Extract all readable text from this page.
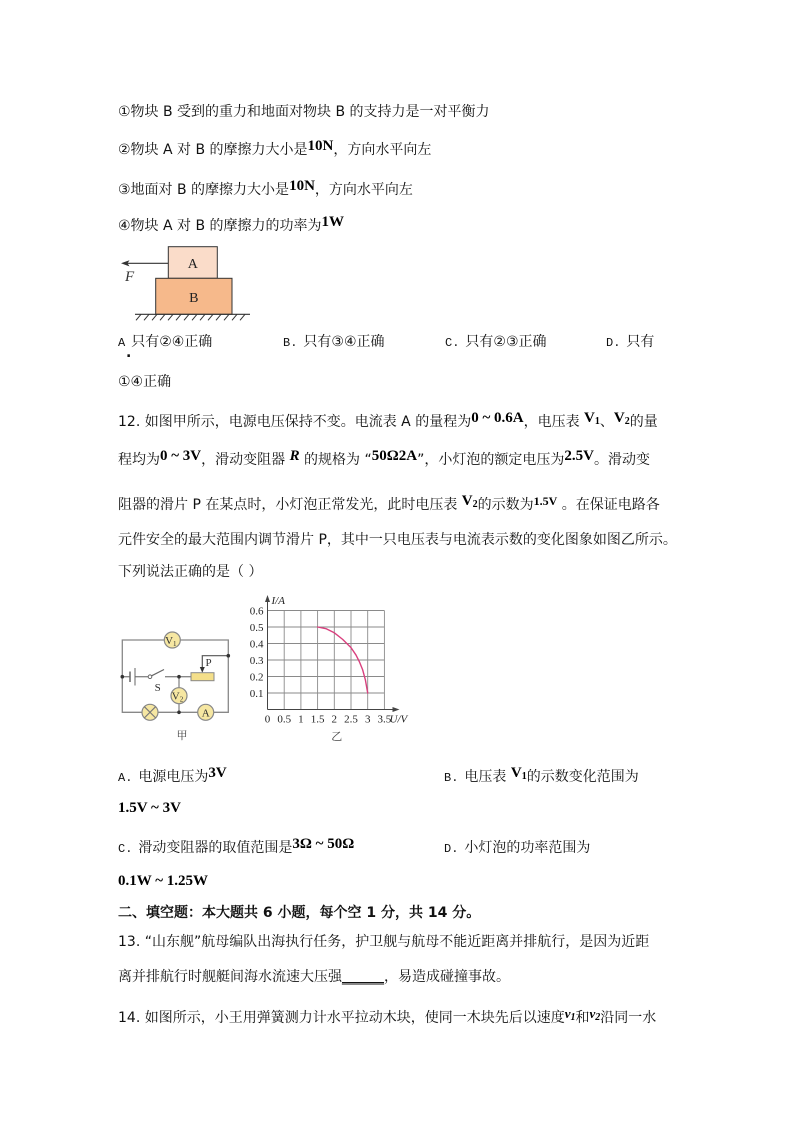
①物块 B 受到的重力和地面对物块 B 的支持力是一对平衡力
②物块 A 对 B 的摩擦力大小是10N，方向水平向左
③地面对 B 的摩擦力大小是10N，方向水平向左
④物块 A 对 B 的摩擦力的功率为1W
F
A
B
A 只有②④正确
.
B. 只有③④正确	C. 只有②③正确	D. 只有
①④正确
12. 如图甲所示，电源电压保持不变。电流表 A 的量程为0 ~ 0.6A，电压表 $V_1$、$V_2$的量
程均为0 ~ 3V，滑动变阻器 R 的规格为 “50Ω2A”，小灯泡的额定电压为2.5V。滑动变
阻器的滑片 P 在某点时，小灯泡正常发光，此时电压表 $V_2$的示数为1.5V 。在保证电路各
元件安全的最大范围内调节滑片 P，其中一只电压表与电流表示数的变化图象如图乙所示。
下列说法正确的是（ ）
S
P
V1
V2
A
甲
0 0.5 1 1.5 2 2.5 3 3.5
0.1
0.2
0.3
0.4
0.5
0.6
U/V
I/A
乙
A. 电源电压为3V	B. 电压表 $V_1$的示数变化范围为
1.5V ~ 3V
C. 滑动变阻器的取值范围是3Ω ~ 50Ω	D. 小灯泡的功率范围为
0.1W ~ 1.25W
二、填空题：本大题共 6 小题，每个空 1 分，共 14 分。
13. “山东舰”航母编队出海执行任务，护卫舰与航母不能近距离并排航行，是因为近距
离并排航行时舰艇间海水流速大压强______，易造成碰撞事故。
14. 如图所示，小王用弹簧测力计水平拉动木块，使同一木块先后以速度$v_1$和$v_2$沿同一水
